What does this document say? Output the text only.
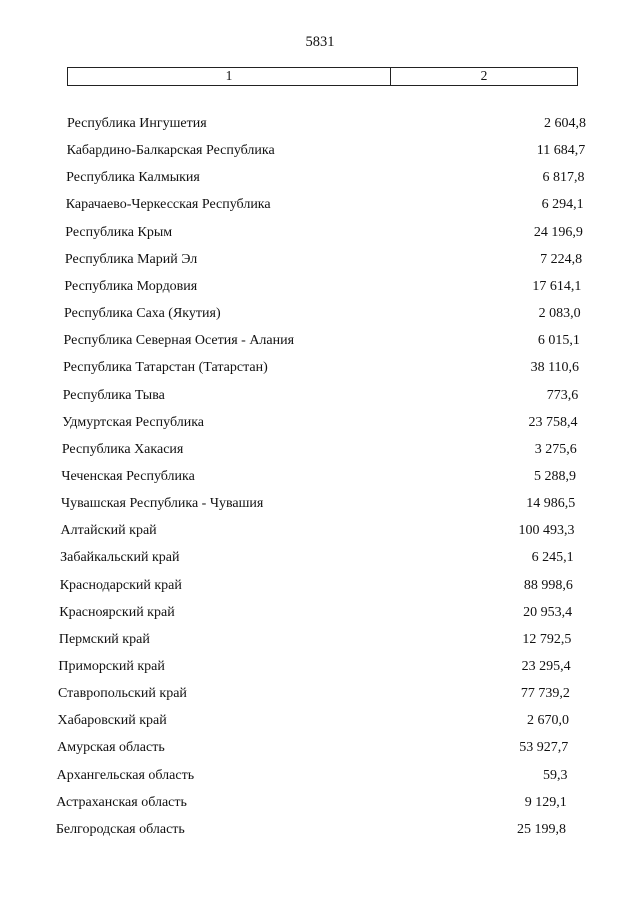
5831
1	2
Республика Ингушетия	2 604,8
Кабардино-Балкарская Республика	11 684,7
Республика Калмыкия	6 817,8
Карачаево-Черкесская Республика	6 294,1
Республика Крым	24 196,9
Республика Марий Эл	7 224,8
Республика Мордовия	17 614,1
Республика Саха (Якутия)	2 083,0
Республика Северная Осетия - Алания	6 015,1
Республика Татарстан (Татарстан)	38 110,6
Республика Тыва	773,6
Удмуртская Республика	23 758,4
Республика Хакасия	3 275,6
Чеченская Республика	5 288,9
Чувашская Республика - Чувашия	14 986,5
Алтайский край	100 493,3
Забайкальский край	6 245,1
Краснодарский край	88 998,6
Красноярский край	20 953,4
Пермский край	12 792,5
Приморский край	23 295,4
Ставропольский край	77 739,2
Хабаровский край	2 670,0
Амурская область	53 927,7
Архангельская область	59,3
Астраханская область	9 129,1
Белгородская область	25 199,8
